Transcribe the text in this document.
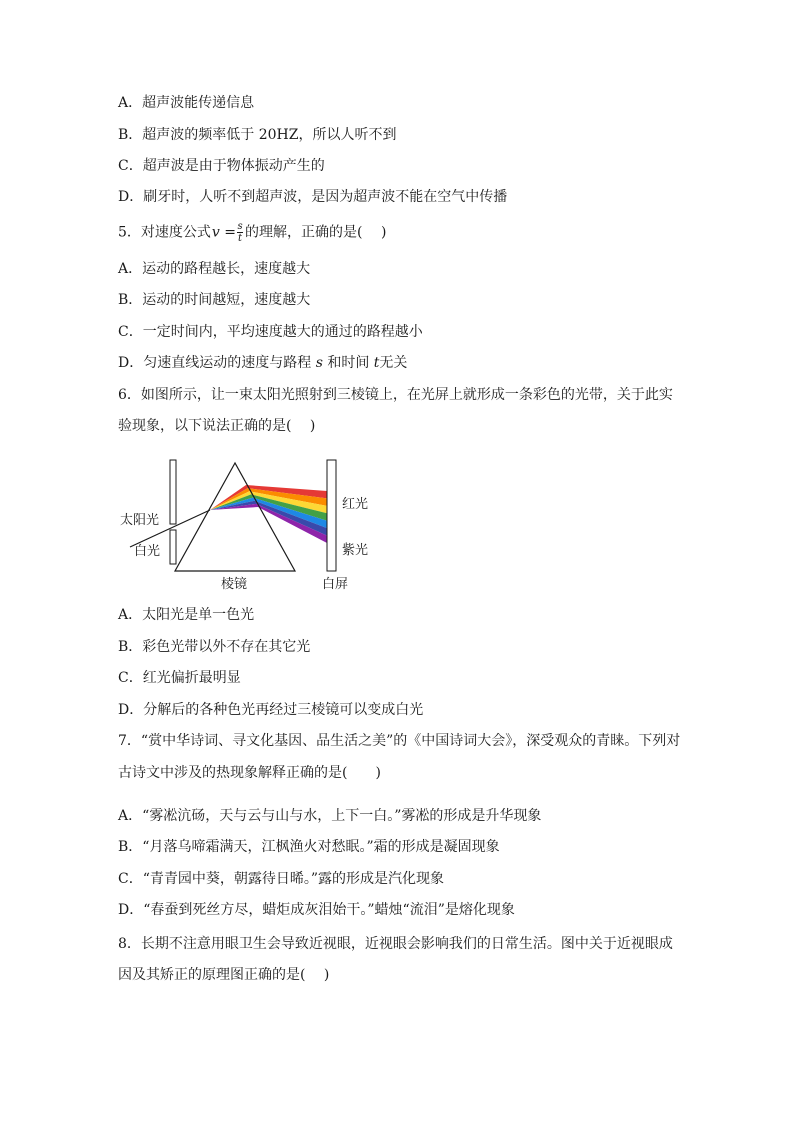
A．超声波能传递信息
B．超声波的频率低于 20HZ，所以人听不到
C．超声波是由于物体振动产生的
D．刷牙时，人听不到超声波，是因为超声波不能在空气中传播
5．对速度公式$v = \frac{s}{t}$ 的理解，正确的是(　 )
A．运动的路程越长，速度越大
B．运动的时间越短，速度越大
C．一定时间内，平均速度越大的通过的路程越小
D．匀速直线运动的速度与路程 s 和时间 t无关
6．如图所示，让一束太阳光照射到三棱镜上，在光屏上就形成一条彩色的光带，关于此实
验现象，以下说法正确的是(　 )
太阳光
白光
棱镜
红光
紫光
白屏
A．太阳光是单一色光
B．彩色光带以外不存在其它光
C．红光偏折最明显
D．分解后的各种色光再经过三棱镜可以变成白光
7．“赏中华诗词、寻文化基因、品生活之美”的《中国诗词大会》，深受观众的青睐。下列对
古诗文中涉及的热现象解释正确的是(　　)
A．“雾凇沆砀，天与云与山与水，上下一白。”雾凇的形成是升华现象
B．“月落乌啼霜满天，江枫渔火对愁眠。”霜的形成是凝固现象
C．“青青园中葵，朝露待日晞。”露的形成是汽化现象
D．“春蚕到死丝方尽，蜡炬成灰泪始干。”蜡烛“流泪”是熔化现象
8．长期不注意用眼卫生会导致近视眼，近视眼会影响我们的日常生活。图中关于近视眼成
因及其矫正的原理图正确的是(　 )
